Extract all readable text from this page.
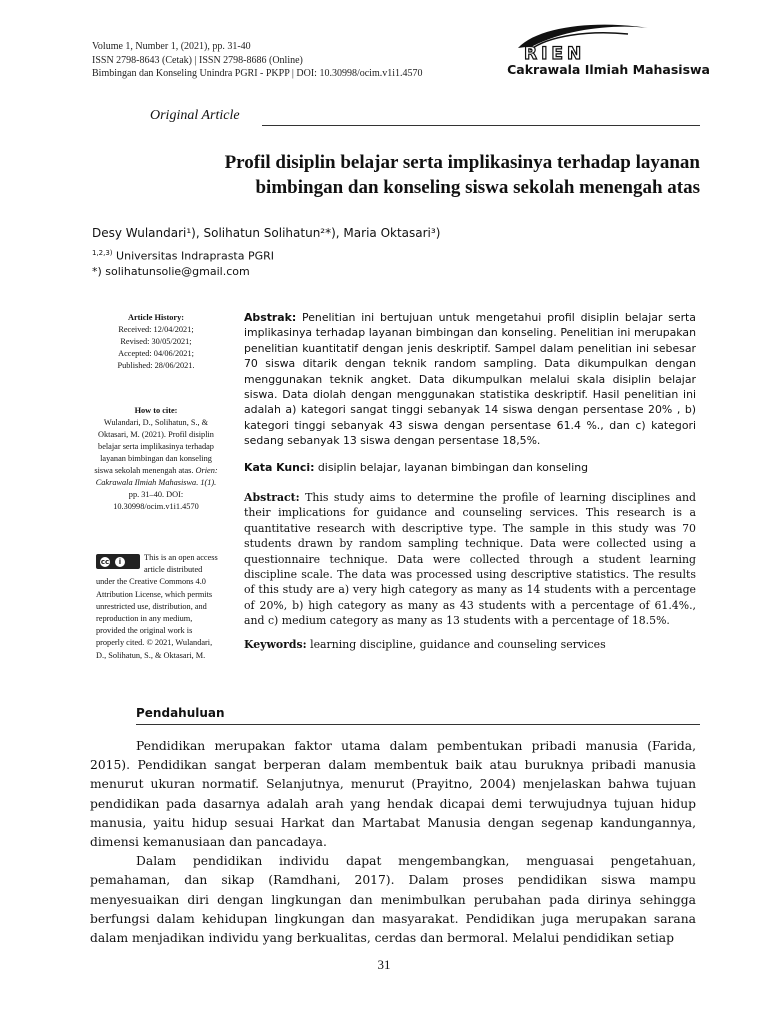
Volume 1, Number 1, (2021), pp. 31-40
ISSN 2798-8643 (Cetak) | ISSN 2798-8686 (Online)
Bimbingan dan Konseling Unindra PGRI - PKPP | DOI: 10.30998/ocim.v1i1.4570
RIEN
Cakrawala Ilmiah Mahasiswa
Original Article
Profil disiplin belajar serta implikasinya terhadap layanan
bimbingan dan konseling siswa sekolah menengah atas
Desy Wulandari¹), Solihatun Solihatun²*), Maria Oktasari³)
$^{1,2,3)}$ Universitas Indraprasta PGRI
*) solihatunsolie@gmail.com
Article History:
Received: 12/04/2021;
Revised: 30/05/2021;
Accepted: 04/06/2021;
Published: 28/06/2021.
How to cite:
Wulandari, D., Solihatun, S., & Oktasari, M. (2021). Profil disiplin belajar serta implikasinya terhadap layanan bimbingan dan konseling siswa sekolah menengah atas. Orien: Cakrawala Ilmiah Mahasiswa. 1(1). pp. 31–40. DOI: 10.30998/ocim.v1i1.4570
cc	i	This is an open access article distributed under the Creative Commons 4.0 Attribution License, which permits unrestricted use, distribution, and reproduction in any medium, provided the original work is properly cited. © 2021, Wulandari, D., Solihatun, S., & Oktasari, M.
Abstrak: Penelitian ini bertujuan untuk mengetahui profil disiplin belajar serta implikasinya terhadap layanan bimbingan dan konseling. Penelitian ini merupakan penelitian kuantitatif dengan jenis deskriptif. Sampel dalam penelitian ini sebesar 70 siswa ditarik dengan teknik random sampling. Data dikumpulkan dengan menggunakan teknik angket. Data dikumpulkan melalui skala disiplin belajar siswa. Data diolah dengan menggunakan statistika deskriptif. Hasil penelitian ini adalah a) kategori sangat tinggi sebanyak 14 siswa dengan persentase 20% , b) kategori tinggi sebanyak 43 siswa dengan persentase 61.4 %., dan c) kategori sedang sebanyak 13 siswa dengan persentase 18,5%.
Kata Kunci: disiplin belajar, layanan bimbingan dan konseling
Abstract: This study aims to determine the profile of learning disciplines and their implications for guidance and counseling services. This research is a quantitative research with descriptive type. The sample in this study was 70 students drawn by random sampling technique. Data were collected using a questionnaire technique. Data were collected through a student learning discipline scale. The data was processed using descriptive statistics. The results of this study are a) very high category as many as 14 students with a percentage of 20%, b) high category as many as 43 students with a percentage of 61.4%., and c) medium category as many as 13 students with a percentage of 18.5%.
Keywords: learning discipline, guidance and counseling services
Pendahuluan

Pendidikan merupakan faktor utama dalam pembentukan pribadi manusia (Farida, 2015). Pendidikan sangat berperan dalam membentuk baik atau buruknya pribadi manusia menurut ukuran normatif. Selanjutnya, menurut (Prayitno, 2004) menjelaskan bahwa tujuan pendidikan pada dasarnya adalah arah yang hendak dicapai demi terwujudnya tujuan hidup manusia, yaitu hidup sesuai Harkat dan Martabat Manusia dengan segenap kandungannya, dimensi kemanusiaan dan pancadaya.

Dalam pendidikan individu dapat mengembangkan, menguasai pengetahuan, pemahaman, dan sikap (Ramdhani, 2017). Dalam proses pendidikan siswa mampu menyesuaikan diri dengan lingkungan dan menimbulkan perubahan pada dirinya sehingga berfungsi dalam kehidupan lingkungan dan masyarakat. Pendidikan juga merupakan sarana dalam menjadikan individu yang berkualitas, cerdas dan bermoral. Melalui pendidikan setiap

31
